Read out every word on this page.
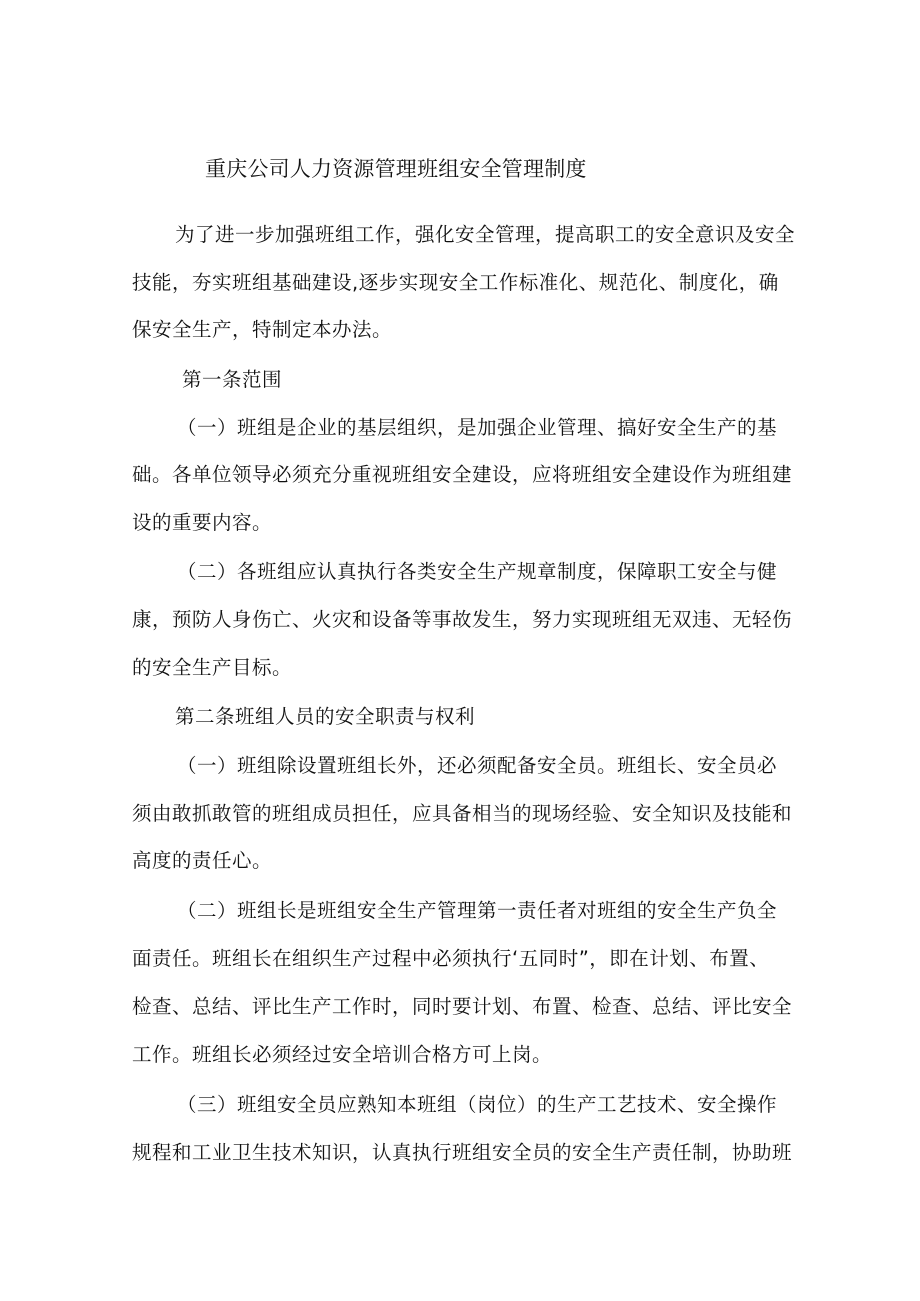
重庆公司人力资源管理班组安全管理制度

为了进一步加强班组工作，强化安全管理，提高职工的安全意识及安全

技能，夯实班组基础建设,逐步实现安全工作标准化、规范化、制度化，确

保安全生产，特制定本办法。

第一条范围

（一）班组是企业的基层组织，是加强企业管理、搞好安全生产的基

础。各单位领导必须充分重视班组安全建设，应将班组安全建设作为班组建

设的重要内容。

（二）各班组应认真执行各类安全生产规章制度，保障职工安全与健

康，预防人身伤亡、火灾和设备等事故发生，努力实现班组无双违、无轻伤

的安全生产目标。

第二条班组人员的安全职责与权利

（一）班组除设置班组长外，还必须配备安全员。班组长、安全员必

须由敢抓敢管的班组成员担任，应具备相当的现场经验、安全知识及技能和

高度的责任心。

（二）班组长是班组安全生产管理第一责任者对班组的安全生产负全

面责任。班组长在组织生产过程中必须执行‘五同时”，即在计划、布置、

检查、总结、评比生产工作时，同时要计划、布置、检查、总结、评比安全

工作。班组长必须经过安全培训合格方可上岗。

（三）班组安全员应熟知本班组（岗位）的生产工艺技术、安全操作

规程和工业卫生技术知识，认真执行班组安全员的安全生产责任制，协助班
